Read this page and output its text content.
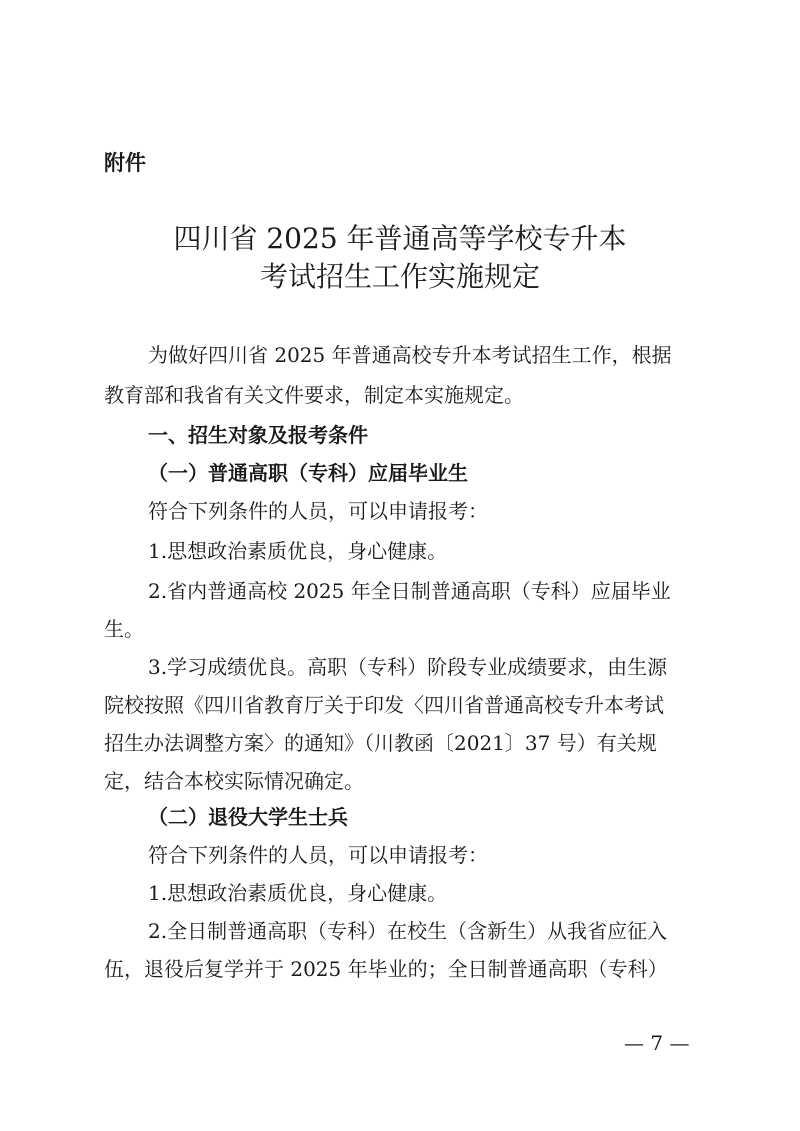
附件
四川省 2025 年普通高等学校专升本
考试招生工作实施规定
为做好四川省 2025 年普通高校专升本考试招生工作，根据
教育部和我省有关文件要求，制定本实施规定。
一、招生对象及报考条件
（一）普通高职（专科）应届毕业生
符合下列条件的人员，可以申请报考：
1.思想政治素质优良，身心健康。
2.省内普通高校 2025 年全日制普通高职（专科）应届毕业
生。
3.学习成绩优良。高职（专科）阶段专业成绩要求，由生源
院校按照《四川省教育厅关于印发〈四川省普通高校专升本考试
招生办法调整方案〉的通知》（川教函〔2021〕37 号）有关规
定，结合本校实际情况确定。
（二）退役大学生士兵
符合下列条件的人员，可以申请报考：
1.思想政治素质优良，身心健康。
2.全日制普通高职（专科）在校生（含新生）从我省应征入
伍，退役后复学并于 2025 年毕业的；全日制普通高职（专科）
— 7 —
